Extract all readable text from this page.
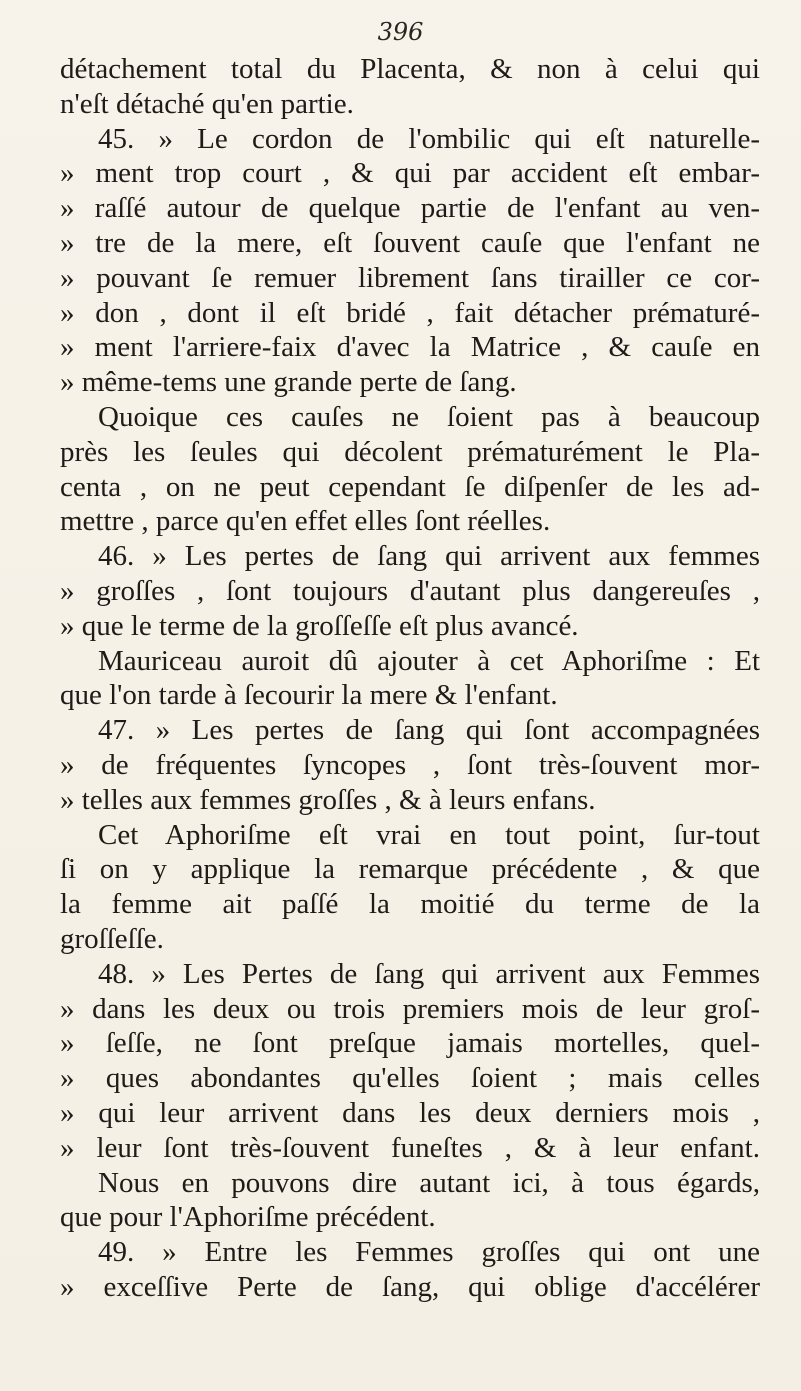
396
détachement total du Placenta, & non à celui qui
n'eſt détaché qu'en partie.
45. » Le cordon de l'ombilic qui eſt naturelle-
» ment trop court , & qui par accident eſt embar-
» raſſé autour de quelque partie de l'enfant au ven-
» tre de la mere, eſt ſouvent cauſe que l'enfant ne
» pouvant ſe remuer librement ſans tirailler ce cor-
» don , dont il eſt bridé , fait détacher prématuré-
» ment l'arriere-faix d'avec la Matrice , & cauſe en
» même-tems une grande perte de ſang.
Quoique ces cauſes ne ſoient pas à beaucoup
près les ſeules qui décolent prématurément le Pla-
centa , on ne peut cependant ſe diſpenſer de les ad-
mettre , parce qu'en effet elles ſont réelles.
46. » Les pertes de ſang qui arrivent aux femmes
» groſſes , ſont toujours d'autant plus dangereuſes ,
» que le terme de la groſſeſſe eſt plus avancé.
Mauriceau auroit dû ajouter à cet Aphoriſme : Et
que l'on tarde à ſecourir la mere & l'enfant.
47. » Les pertes de ſang qui ſont accompagnées
» de fréquentes ſyncopes , ſont très-ſouvent mor-
» telles aux femmes groſſes , & à leurs enfans.
Cet Aphoriſme eſt vrai en tout point, ſur-tout
ſi on y applique la remarque précédente , & que
la femme ait paſſé la moitié du terme de la
groſſeſſe.
48. » Les Pertes de ſang qui arrivent aux Femmes
» dans les deux ou trois premiers mois de leur groſ-
» ſeſſe, ne ſont preſque jamais mortelles, quel-
» ques abondantes qu'elles ſoient ; mais celles
» qui leur arrivent dans les deux derniers mois ,
» leur ſont très-ſouvent funeſtes , & à leur enfant.
Nous en pouvons dire autant ici, à tous égards,
que pour l'Aphoriſme précédent.
49. » Entre les Femmes groſſes qui ont une
» exceſſive Perte de ſang, qui oblige d'accélérer
